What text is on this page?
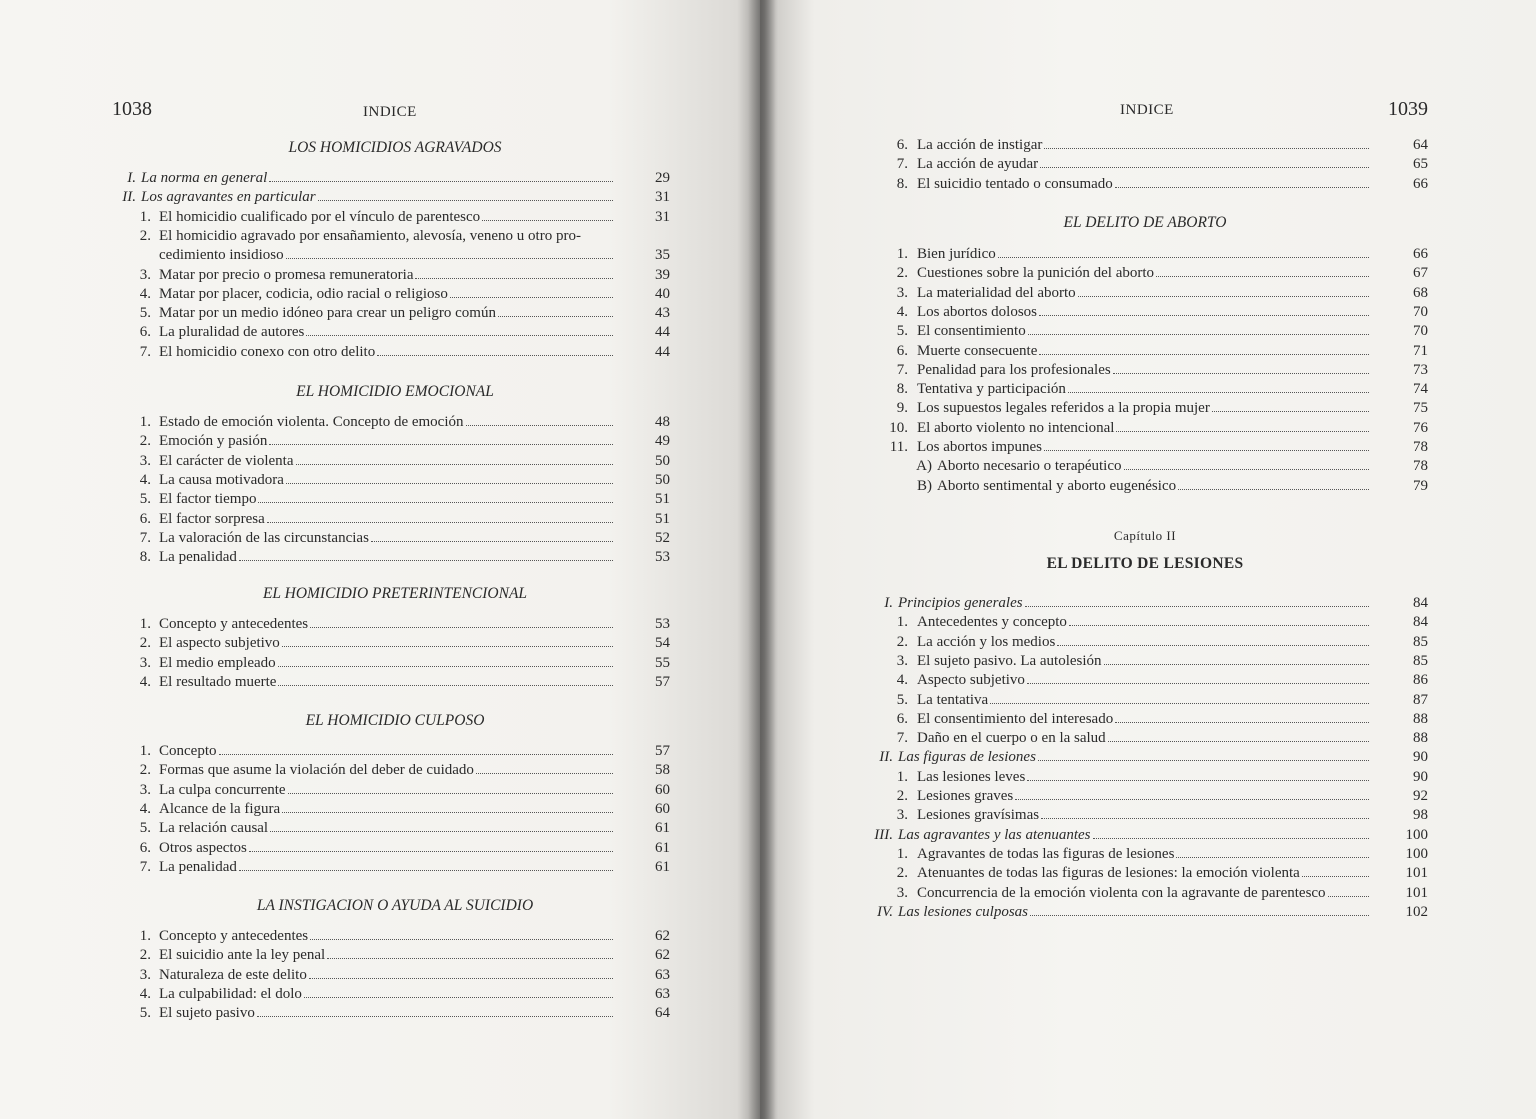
1038	INDICE
LOS HOMICIDIOS AGRAVADOS
I. La norma en general	29
II. Los agravantes en particular	31
1. El homicidio cualificado por el vínculo de parentesco	31
2. El homicidio agravado por ensañamiento, alevosía, veneno u otro pro-
cedimiento insidioso	35
3. Matar por precio o promesa remuneratoria	39
4. Matar por placer, codicia, odio racial o religioso	40
5. Matar por un medio idóneo para crear un peligro común	43
6. La pluralidad de autores	44
7. El homicidio conexo con otro delito	44
EL HOMICIDIO EMOCIONAL
1. Estado de emoción violenta. Concepto de emoción	48
2. Emoción y pasión	49
3. El carácter de violenta	50
4. La causa motivadora	50
5. El factor tiempo	51
6. El factor sorpresa	51
7. La valoración de las circunstancias	52
8. La penalidad	53
EL HOMICIDIO PRETERINTENCIONAL
1. Concepto y antecedentes	53
2. El aspecto subjetivo	54
3. El medio empleado	55
4. El resultado muerte	57
EL HOMICIDIO CULPOSO
1. Concepto	57
2. Formas que asume la violación del deber de cuidado	58
3. La culpa concurrente	60
4. Alcance de la figura	60
5. La relación causal	61
6. Otros aspectos	61
7. La penalidad	61
LA INSTIGACION O AYUDA AL SUICIDIO
1. Concepto y antecedentes	62
2. El suicidio ante la ley penal	62
3. Naturaleza de este delito	63
4. La culpabilidad: el dolo	63
5. El sujeto pasivo	64
INDICE	1039
6. La acción de instigar	64
7. La acción de ayudar	65
8. El suicidio tentado o consumado	66
EL DELITO DE ABORTO
1. Bien jurídico	66
2. Cuestiones sobre la punición del aborto	67
3. La materialidad del aborto	68
4. Los abortos dolosos	70
5. El consentimiento	70
6. Muerte consecuente	71
7. Penalidad para los profesionales	73
8. Tentativa y participación	74
9. Los supuestos legales referidos a la propia mujer	75
10. El aborto violento no intencional	76
11. Los abortos impunes	78
A) Aborto necesario o terapéutico	78
B) Aborto sentimental y aborto eugenésico	79
Capítulo II
EL DELITO DE LESIONES
I. Principios generales	84
1. Antecedentes y concepto	84
2. La acción y los medios	85
3. El sujeto pasivo. La autolesión	85
4. Aspecto subjetivo	86
5. La tentativa	87
6. El consentimiento del interesado	88
7. Daño en el cuerpo o en la salud	88
II. Las figuras de lesiones	90
1. Las lesiones leves	90
2. Lesiones graves	92
3. Lesiones gravísimas	98
III. Las agravantes y las atenuantes	100
1. Agravantes de todas las figuras de lesiones	100
2. Atenuantes de todas las figuras de lesiones: la emoción violenta	101
3. Concurrencia de la emoción violenta con la agravante de parentesco	101
IV. Las lesiones culposas	102
